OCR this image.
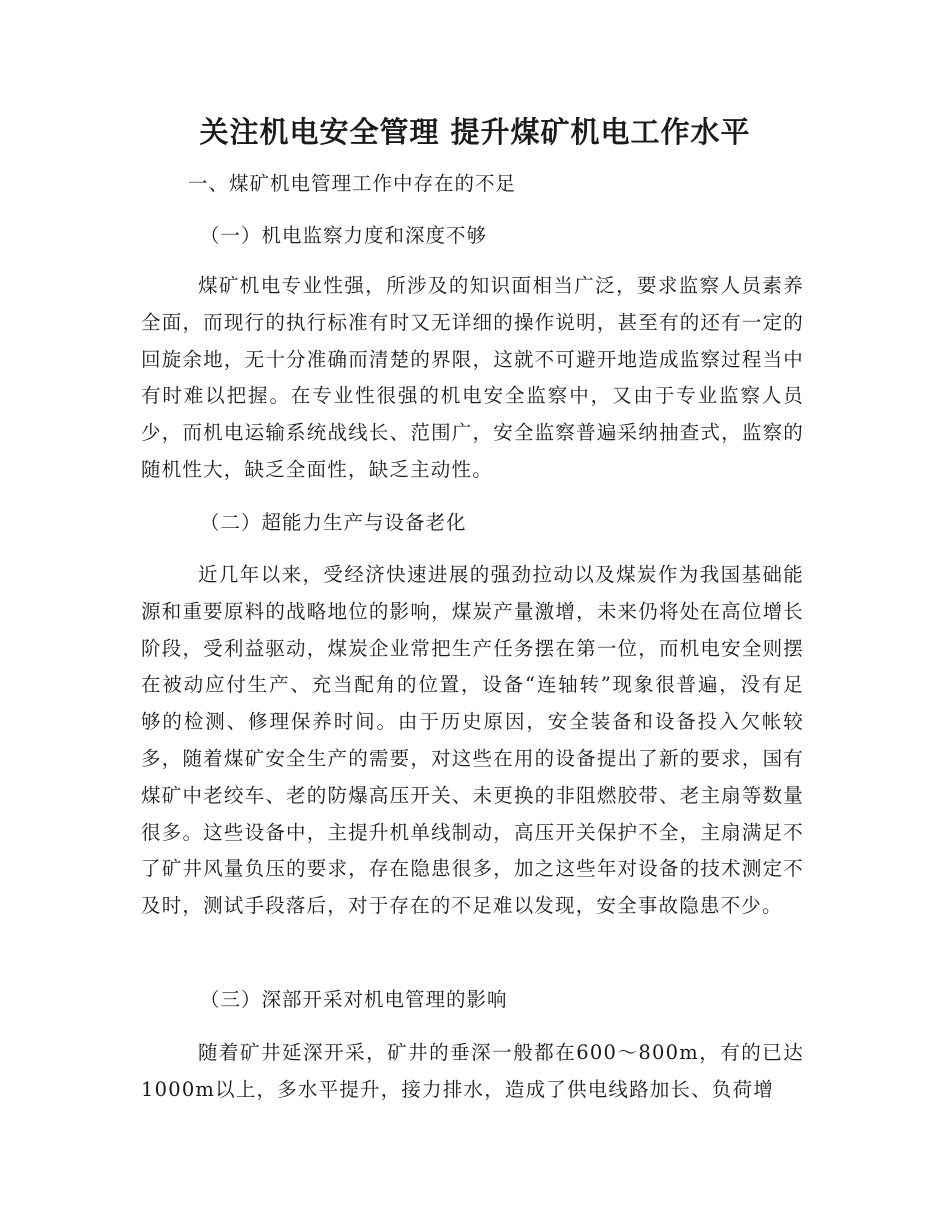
关注机电安全管理 提升煤矿机电工作水平
一、煤矿机电管理工作中存在的不足
（一）机电监察力度和深度不够

煤矿机电专业性强，所涉及的知识面相当广泛，要求监察人员素养全面，而现行的执行标准有时又无详细的操作说明，甚至有的还有一定的回旋余地，无十分准确而清楚的界限，这就不可避开地造成监察过程当中有时难以把握。在专业性很强的机电安全监察中，又由于专业监察人员少，而机电运输系统战线长、范围广，安全监察普遍采纳抽查式，监察的随机性大，缺乏全面性，缺乏主动性。

（二）超能力生产与设备老化

近几年以来，受经济快速进展的强劲拉动以及煤炭作为我国基础能源和重要原料的战略地位的影响，煤炭产量激增，未来仍将处在高位增长阶段，受利益驱动，煤炭企业常把生产任务摆在第一位，而机电安全则摆在被动应付生产、充当配角的位置，设备“连轴转”现象很普遍，没有足够的检测、修理保养时间。由于历史原因，安全装备和设备投入欠帐较多，随着煤矿安全生产的需要，对这些在用的设备提出了新的要求，国有煤矿中老绞车、老的防爆高压开关、未更换的非阻燃胶带、老主扇等数量很多。这些设备中，主提升机单线制动，高压开关保护不全，主扇满足不了矿井风量负压的要求，存在隐患很多，加之这些年对设备的技术测定不及时，测试手段落后，对于存在的不足难以发现，安全事故隐患不少。

（三）深部开采对机电管理的影响

随着矿井延深开采，矿井的垂深一般都在600～800m，有的已达1000m以上，多水平提升，接力排水，造成了供电线路加长、负荷增
